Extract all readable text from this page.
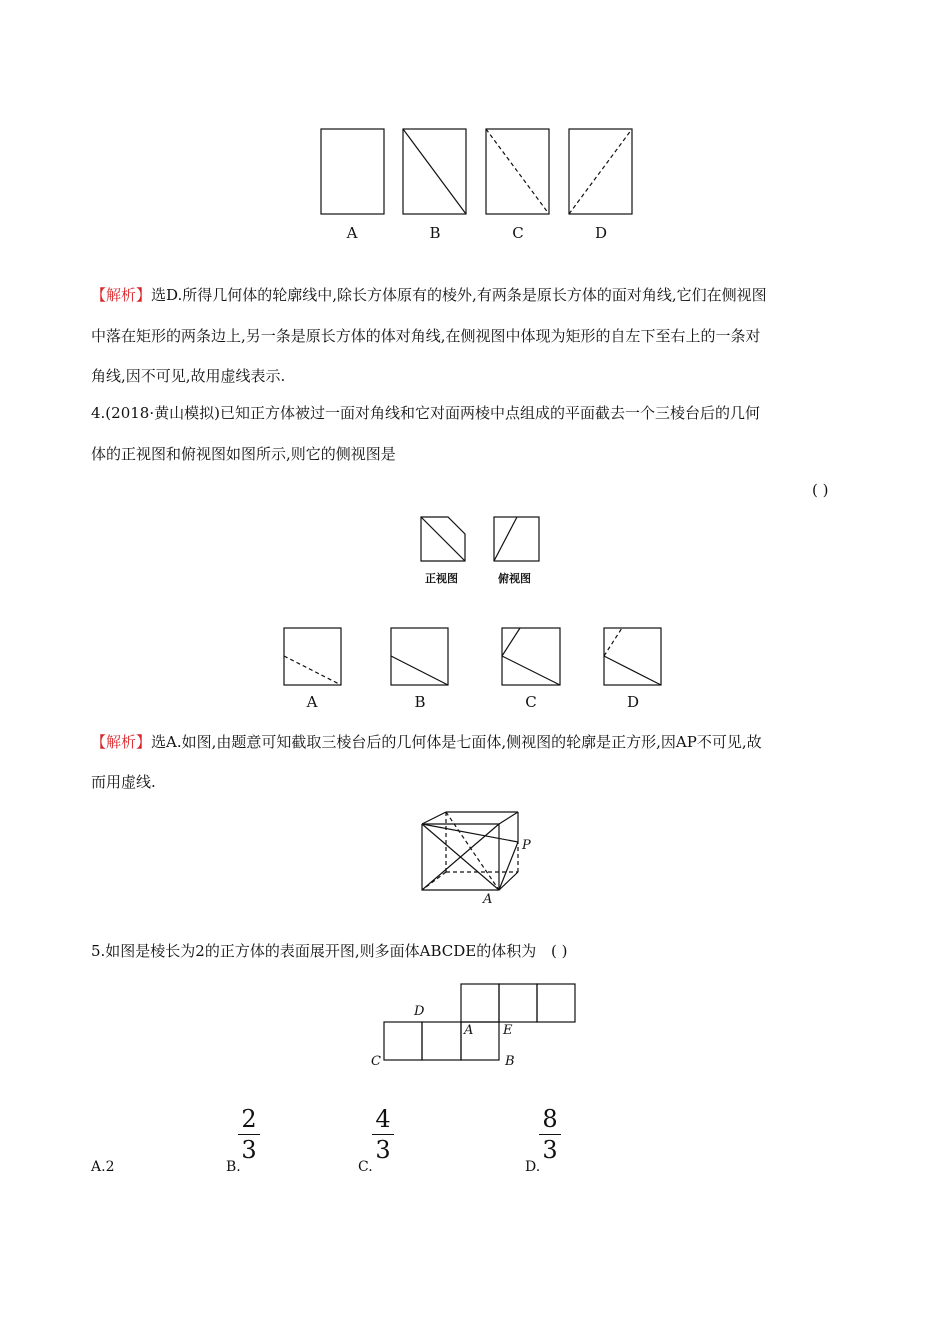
A	B	C	D
【解析】选D.所得几何体的轮廓线中,除长方体原有的棱外,有两条是原长方体的面对角线,它们在侧视图
中落在矩形的两条边上,另一条是原长方体的体对角线,在侧视图中体现为矩形的自左下至右上的一条对
角线,因不可见,故用虚线表示.
4.(2018·黄山模拟)已知正方体被过一面对角线和它对面两棱中点组成的平面截去一个三棱台后的几何
体的正视图和俯视图如图所示,则它的侧视图是
( )
正视图	俯视图
A	B	C	D
【解析】选A.如图,由题意可知截取三棱台后的几何体是七面体,侧视图的轮廓是正方形,因AP不可见,故
而用虚线.
P
A
5.如图是棱长为2的正方体的表面展开图,则多面体ABCDE的体积为 ( )
D
A E
C	B
A.2	B.
2
3
C.
4
3
D.
8
3
